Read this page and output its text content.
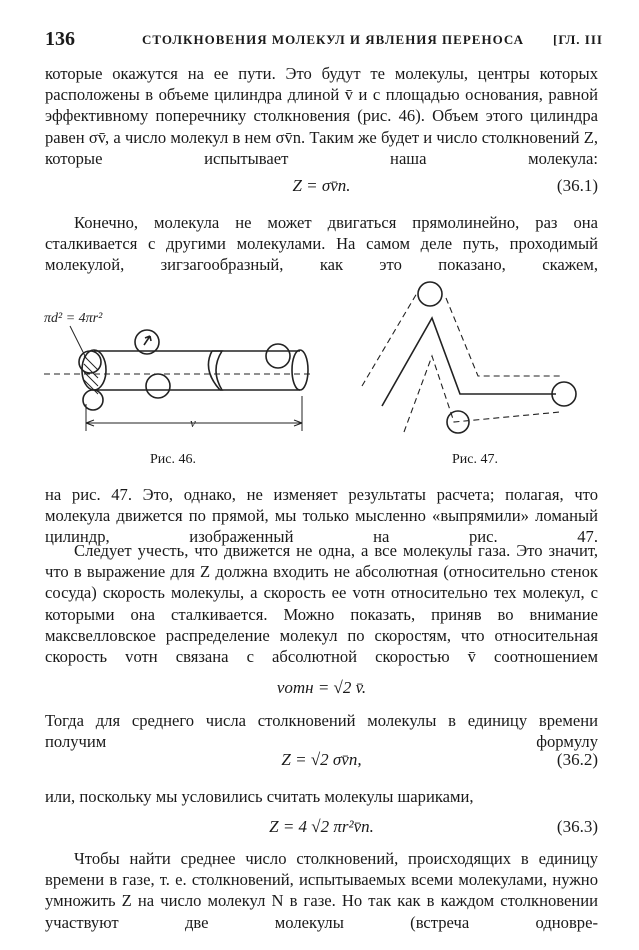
136	СТОЛКНОВЕНИЯ МОЛЕКУЛ И ЯВЛЕНИЯ ПЕРЕНОСА [ГЛ. III
которые окажутся на ее пути. Это будут те молекулы, центры которых расположены в объеме цилиндра длиной v̄ и с площадью основания, равной эффективному поперечнику столкновения (рис. 46). Объем этого цилиндра равен σv̄, а число молекул в нем σv̄n. Таким же будет и число столкновений Z, которые испытывает наша молекула:
Z = σv̄n.	(36.1)
Конечно, молекула не может двигаться прямолинейно, раз она сталкивается с другими молекулами. На самом деле путь, проходимый молекулой, зигзагообразный, как это показано, скажем,
πd² = 4πr²
v
Рис. 46.	Рис. 47.
на рис. 47. Это, однако, не изменяет результаты расчета; полагая, что молекула движется по прямой, мы только мысленно «выпрямили» ломаный цилиндр, изображенный на рис. 47.
Следует учесть, что движется не одна, а все молекулы газа. Это значит, что в выражение для Z должна входить не абсолютная (относительно стенок сосуда) скорость молекулы, а скорость ее vотн относительно тех молекул, с которыми она сталкивается. Можно показать, приняв во внимание максвелловское распределение молекул по скоростям, что относительная скорость vотн связана с абсолютной скоростью v̄ соотношением
vотн = √2 v̄.
Тогда для среднего числа столкновений молекулы в единицу времени получим формулу
Z = √2 σv̄n,	(36.2)
или, поскольку мы условились считать молекулы шариками,
Z = 4 √2 πr²v̄n.	(36.3)
Чтобы найти среднее число столкновений, происходящих в единицу времени в газе, т. е. столкновений, испытываемых всеми молекулами, нужно умножить Z на число молекул N в газе. Но так как в каждом столкновении участвуют две молекулы (встреча одновре-
